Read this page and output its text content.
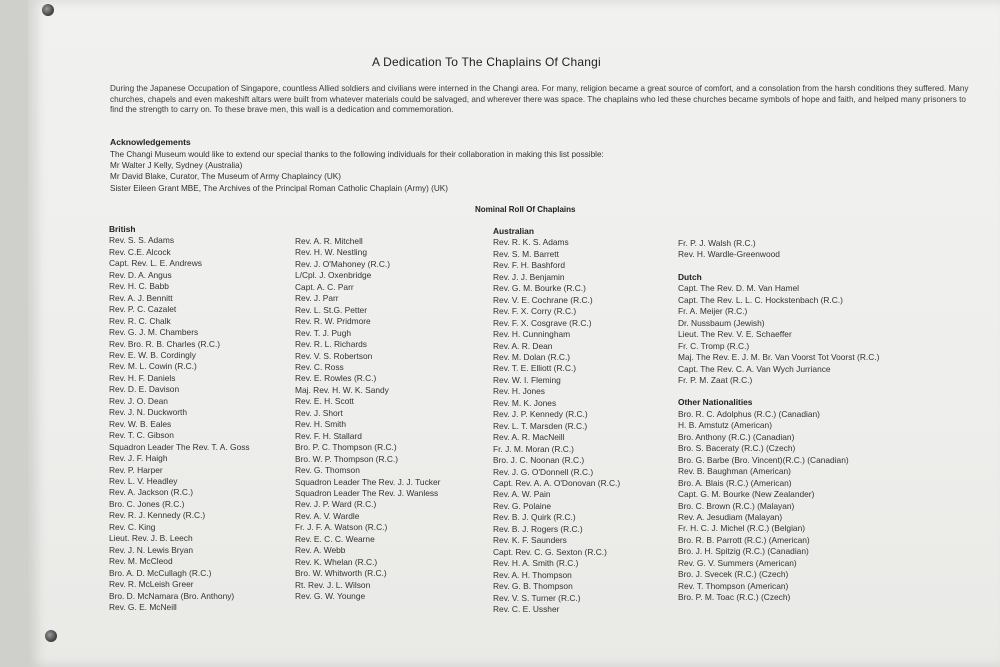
A Dedication To The Chaplains Of Changi
During the Japanese Occupation of Singapore, countless Allied soldiers and civilians were interned in the Changi area. For many, religion became a great source of comfort, and a consolation from the harsh conditions they suffered. Many churches, chapels and even makeshift altars were built from whatever materials could be salvaged, and wherever there was space. The chaplains who led these churches became symbols of hope and faith, and helped many prisoners to find the strength to carry on. To these brave men, this wall is a dedication and commemoration.
Acknowledgements
The Changi Museum would like to extend our special thanks to the following individuals for their collaboration in making this list possible:
Mr Walter J Kelly, Sydney (Australia)
Mr David Blake, Curator, The Museum of Army Chaplaincy (UK)
Sister Eileen Grant MBE, The Archives of the Principal Roman Catholic Chaplain (Army) (UK)
Nominal Roll Of Chaplains
British
Rev. S. S. Adams
Rev. C.E. Alcock
Capt. Rev. L. E. Andrews
Rev. D. A. Angus
Rev. H. C. Babb
Rev. A. J. Bennitt
Rev. P. C. Cazalet
Rev. R. C. Chalk
Rev. G. J. M. Chambers
Rev. Bro. R. B. Charles (R.C.)
Rev. E. W. B. Cordingly
Rev. M. L. Cowin (R.C.)
Rev. H. F. Daniels
Rev. D. E. Davison
Rev. J. O. Dean
Rev. J. N. Duckworth
Rev. W. B. Eales
Rev. T. C. Gibson
Squadron Leader The Rev. T. A. Goss
Rev. J. F. Haigh
Rev. P. Harper
Rev. L. V. Headley
Rev. A. Jackson (R.C.)
Bro. C. Jones (R.C.)
Rev. R. J. Kennedy (R.C.)
Rev. C. King
Lieut. Rev. J. B. Leech
Rev. J. N. Lewis Bryan
Rev. M. McCleod
Bro. A. D. McCullagh (R.C.)
Rev. R. McLeish Greer
Bro. D. McNamara (Bro. Anthony)
Rev. G. E. McNeill
Rev. A. R. Mitchell
Rev. H. W. Nestling
Rev. J. O'Mahoney (R.C.)
L/Cpl. J. Oxenbridge
Capt. A. C. Parr
Rev. J. Parr
Rev. L. St.G. Petter
Rev. R. W. Pridmore
Rev. T. J. Pugh
Rev. R. L. Richards
Rev. V. S. Robertson
Rev. C. Ross
Rev. E. Rowles (R.C.)
Maj. Rev. H. W. K. Sandy
Rev. E. H. Scott
Rev. J. Short
Rev. H. Smith
Rev. F. H. Stallard
Bro. P. C. Thompson (R.C.)
Bro. W. P. Thompson (R.C.)
Rev. G. Thomson
Squadron Leader The Rev. J. J. Tucker
Squadron Leader The Rev. J. Wanless
Rev. J. P. Ward (R.C.)
Rev. A. V. Wardle
Fr. J. F. A. Watson (R.C.)
Rev. E. C. C. Wearne
Rev. A. Webb
Rev. K. Whelan (R.C.)
Bro. W. Whitworth (R.C.)
Rt. Rev. J. L. Wilson
Rev. G. W. Younge
Australian
Rev. R. K. S. Adams
Rev. S. M. Barrett
Rev. F. H. Bashford
Rev. J. J. Benjamin
Rev. G. M. Bourke (R.C.)
Rev. V. E. Cochrane (R.C.)
Rev. F. X. Corry (R.C.)
Rev. F. X. Cosgrave (R.C.)
Rev. H. Cunningham
Rev. A. R. Dean
Rev. M. Dolan (R.C.)
Rev. T. E. Elliott (R.C.)
Rev. W. I. Fleming
Rev. H. Jones
Rev. M. K. Jones
Rev. J. P. Kennedy (R.C.)
Rev. L. T. Marsden (R.C.)
Rev. A. R. MacNeill
Fr. J. M. Moran (R.C.)
Bro. J. C. Noonan (R.C.)
Rev. J. G. O'Donnell (R.C.)
Capt. Rev. A. A. O'Donovan (R.C.)
Rev. A. W. Pain
Rev. G. Polaine
Rev. B. J. Quirk (R.C.)
Rev. B. J. Rogers (R.C.)
Rev. K. F. Saunders
Capt. Rev. C. G. Sexton (R.C.)
Rev. H. A. Smith (R.C.)
Rev. A. H. Thompson
Rev. G. B. Thompson
Rev. V. S. Turner (R.C.)
Rev. C. E. Ussher
Fr. P. J. Walsh (R.C.)
Rev. H. Wardle-Greenwood
Dutch
Capt. The Rev. D. M. Van Hamel
Capt. The Rev. L. L. C. Hockstenbach (R.C.)
Fr. A. Meijer (R.C.)
Dr. Nussbaum (Jewish)
Lieut. The Rev. V. E. Schaeffer
Fr. C. Tromp (R.C.)
Maj. The Rev. E. J. M. Br. Van Voorst Tot Voorst (R.C.)
Capt. The Rev. C. A. Van Wych Jurriance
Fr. P. M. Zaat (R.C.)
Other Nationalities
Bro. R. C. Adolphus (R.C.) (Canadian)
H. B. Amstutz (American)
Bro. Anthony (R.C.) (Canadian)
Bro. S. Baceraty (R.C.) (Czech)
Bro. G. Barbe (Bro. Vincent)(R.C.) (Canadian)
Rev. B. Baughman (American)
Bro. A. Blais (R.C.) (American)
Capt. G. M. Bourke (New Zealander)
Bro. C. Brown (R.C.) (Malayan)
Rev. A. Jesudiam (Malayan)
Fr. H. C. J. Michel (R.C.) (Belgian)
Bro. R. B. Parrott (R.C.) (American)
Bro. J. H. Spitzig (R.C.) (Canadian)
Rev. G. V. Summers (American)
Bro. J. Svecek (R.C.) (Czech)
Rev. T. Thompson (American)
Bro. P. M. Toac (R.C.) (Czech)
